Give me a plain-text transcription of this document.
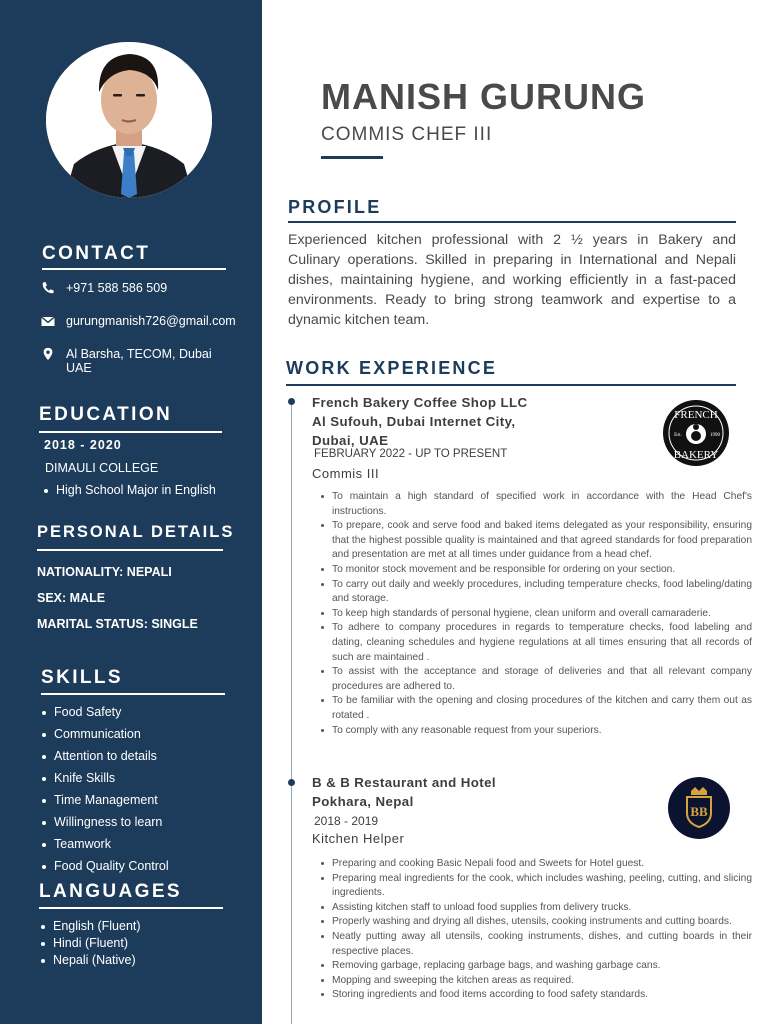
CONTACT
+971 588 586 509
gurungmanish726@gmail.com
Al Barsha, TECOM, Dubai
UAE
EDUCATION
2018 - 2020
DIMAULI COLLEGE
High School Major in English
PERSONAL DETAILS
NATIONALITY: NEPALI
SEX: MALE
MARITAL STATUS: SINGLE
SKILLS
Food Safety
Communication
Attention to details
Knife Skills
Time Management
Willingness to learn
Teamwork
Food Quality Control
LANGUAGES
English (Fluent)
Hindi (Fluent)
Nepali (Native)
MANISH GURUNG
COMMIS CHEF III
PROFILE
Experienced kitchen professional with 2 ½ years in Bakery and Culinary operations. Skilled in preparing in International and Nepali dishes, maintaining hygiene, and working efficiently in a fast-paced environments. Ready to bring strong teamwork and expertise to a dynamic kitchen team.
WORK EXPERIENCE
French Bakery Coffee Shop LLC
Al Sufouh, Dubai Internet City,
Dubai, UAE
FEBRUARY 2022 - UP TO PRESENT
Commis III
FRENCH
BAKERY
Est.	1990
To maintain a high standard of specified work in accordance with the Head Chef's instructions.
To prepare, cook and serve food and baked items delegated as your responsibility, ensuring that the highest possible quality is maintained and that agreed standards for food preparation and presentation are met at all times under guidance from a head chef.
To monitor stock movement and be responsible for ordering on your section.
To carry out daily and weekly procedures, including temperature checks, food labeling/dating and storage.
To keep high standards of personal hygiene, clean uniform and overall camaraderie.
To adhere to company procedures in regards to temperature checks, food labeling and dating, cleaning schedules and hygiene regulations at all times ensuring that all records of such are maintained .
To assist with the acceptance and storage of deliveries and that all relevant company procedures are adhered to.
To be familiar with the opening and closing procedures of the kitchen and carry them out as rotated .
To comply with any reasonable request from your superiors.
B & B Restaurant and Hotel
Pokhara, Nepal
2018 - 2019
Kitchen Helper
BB
Preparing and cooking Basic Nepali food and Sweets for Hotel guest.
Preparing meal ingredients for the cook, which includes washing, peeling, cutting, and slicing ingredients.
Assisting kitchen staff to unload food supplies from delivery trucks.
Properly washing and drying all dishes, utensils, cooking instruments and cutting boards.
Neatly putting away all utensils, cooking instruments, dishes, and cutting boards in their respective places.
Removing garbage, replacing garbage bags, and washing garbage cans.
Mopping and sweeping the kitchen areas as required.
Storing ingredients and food items according to food safety standards.
